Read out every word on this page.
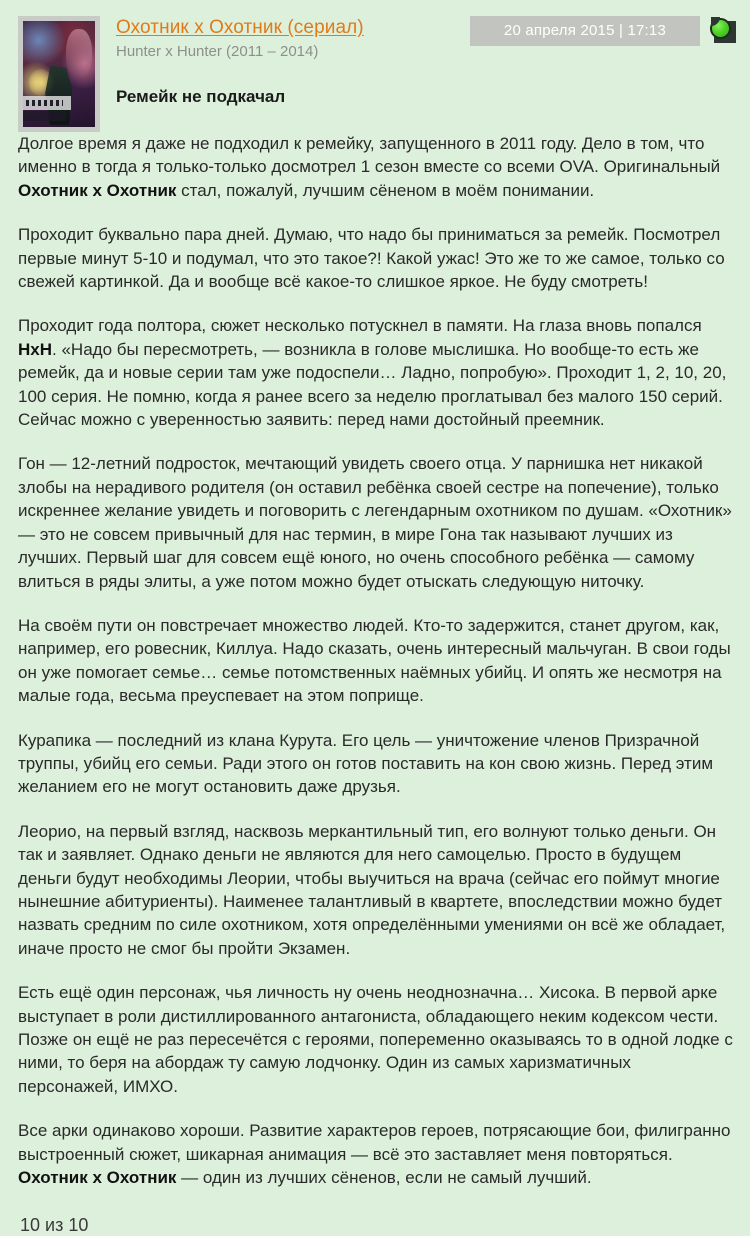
Охотник x Охотник (сериал)
Hunter x Hunter (2011 – 2014)
Ремейк не подкачал
20 апреля 2015 | 17:13

Долгое время я даже не подходил к ремейку, запущенного в 2011 году. Дело в том, что именно в тогда я только-только досмотрел 1 сезон вместе со всеми OVA. Оригинальный Охотник x Охотник стал, пожалуй, лучшим сёненом в моём понимании.

Проходит буквально пара дней. Думаю, что надо бы приниматься за ремейк. Посмотрел первые минут 5-10 и подумал, что это такое?! Какой ужас! Это же то же самое, только со свежей картинкой. Да и вообще всё какое-то слишкое яркое. Не буду смотреть!

Проходит года полтора, сюжет несколько потускнел в памяти. На глаза вновь попался HxH. «Надо бы пересмотреть, — возникла в голове мыслишка. Но вообще-то есть же ремейк, да и новые серии там уже подоспели… Ладно, попробую». Проходит 1, 2, 10, 20, 100 серия. Не помню, когда я ранее всего за неделю проглатывал без малого 150 серий. Сейчас можно с уверенностью заявить: перед нами достойный преемник.

Гон — 12-летний подросток, мечтающий увидеть своего отца. У парнишка нет никакой злобы на нерадивого родителя (он оставил ребёнка своей сестре на попечение), только искреннее желание увидеть и поговорить с легендарным охотником по душам. «Охотник» — это не совсем привычный для нас термин, в мире Гона так называют лучших из лучших. Первый шаг для совсем ещё юного, но очень способного ребёнка — самому влиться в ряды элиты, а уже потом можно будет отыскать следующую ниточку.

На своём пути он повстречает множество людей. Кто-то задержится, станет другом, как, например, его ровесник, Киллуа. Надо сказать, очень интересный мальчуган. В свои годы он уже помогает семье… семье потомственных наёмных убийц. И опять же несмотря на малые года, весьма преуспевает на этом поприще.

Курапика — последний из клана Курута. Его цель — уничтожение членов Призрачной труппы, убийц его семьи. Ради этого он готов поставить на кон свою жизнь. Перед этим желанием его не могут остановить даже друзья.

Леорио, на первый взгляд, насквозь меркантильный тип, его волнуют только деньги. Он так и заявляет. Однако деньги не являются для него самоцелью. Просто в будущем деньги будут необходимы Леории, чтобы выучиться на врача (сейчас его поймут многие нынешние абитуриенты). Наименее талантливый в квартете, впоследствии можно будет назвать средним по силе охотником, хотя определёнными умениями он всё же обладает, иначе просто не смог бы пройти Экзамен.

Есть ещё один персонаж, чья личность ну очень неоднозначна… Хисока. В первой арке выступает в роли дистиллированного антагониста, обладающего неким кодексом чести. Позже он ещё не раз пересечётся с героями, попеременно оказываясь то в одной лодке с ними, то беря на абордаж ту самую лодчонку. Один из самых харизматичных персонажей, ИМХО.

Все арки одинаково хороши. Развитие характеров героев, потрясающие бои, филигранно выстроенный сюжет, шикарная анимация — всё это заставляет меня повторяться. Охотник x Охотник — один из лучших сёненов, если не самый лучший.

10 из 10
